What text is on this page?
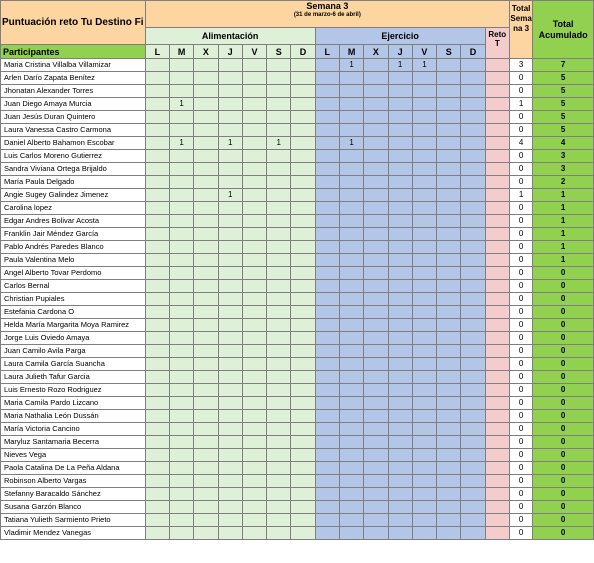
Puntuación reto Tu Destino Fi	Semana 3
(31 de marzo-6 de abril)															Total Semana 3	Total Acumulado
	Alimentación							Ejercicio							Reto T		
Participantes	L	M	X	J	V	S	D	L	M	X	J	V	S	D			
Maria Cristina Villalba Villamizar									1		1	1				3	7
Arlen Darío Zapata Benítez																0	5
Jhonatan Alexander Torres																0	5
Juan Diego Amaya Murcia		1														1	5
Juan Jesús Duran Quintero																0	5
Laura Vanessa Castro Carmona																0	5
Daniel Alberto Bahamon Escobar		1		1		1			1							4	4
Luis Carlos Moreno Gutierrez																0	3
Sandra Viviana Ortega Brijaldo																0	3
María Paula Delgado																0	2
Angie Sugey Galindez Jimenez				1												1	1
Carolina lopez																0	1
Edgar Andres Bolivar Acosta																0	1
Franklin Jair Méndez García																0	1
Pablo Andrés Paredes Blanco																0	1
Paula Valentina Melo																0	1
Angel Alberto Tovar Perdomo																0	0
Carlos Bernal																0	0
Christian Pupiales																0	0
Estefania Cardona O																0	0
Helda María Margarita Moya Ramirez																0	0
Jorge Luis Oviedo Amaya																0	0
Juan Camilo Avila Parga																0	0
Laura Camila García Suancha																0	0
Laura Julieth Tafur Garcia																0	0
Luis Ernesto Rozo Rodriguez																0	0
Maria Camila Pardo Lizcano																0	0
Maria Nathalia León Dussán																0	0
María Victoria Cancino																0	0
Maryluz Santamaria Becerra																0	0
Nieves Vega																0	0
Paola Catalina De La Peña Aldana																0	0
Robinson Alberto Vargas																0	0
Stefanny Baracaldo Sánchez																0	0
Susana Garzón Blanco																0	0
Tatiana Yulieth Sarmiento Prieto																0	0
Vladimir Mendez Vanegas																0	0
